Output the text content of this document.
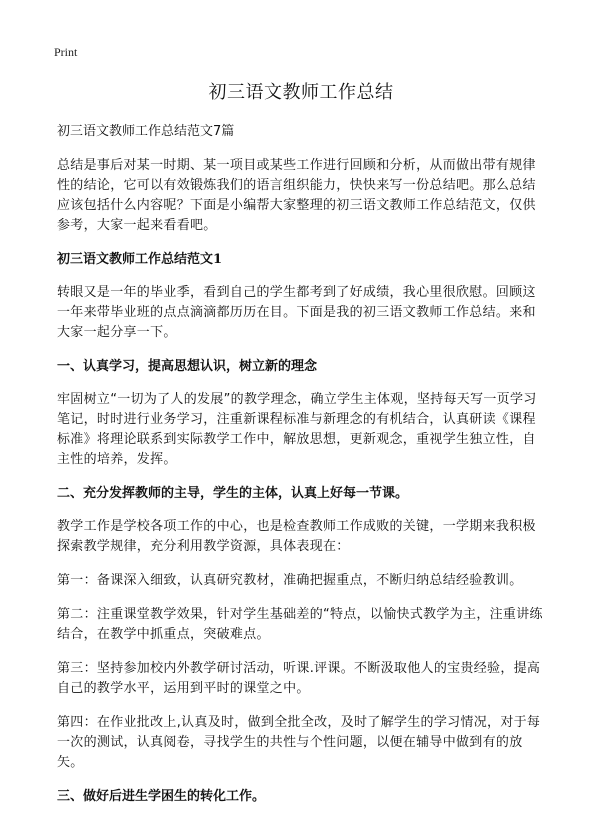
Print
初三语文教师工作总结

初三语文教师工作总结范文7篇

总结是事后对某一时期、某一项目或某些工作进行回顾和分析，从而做出带有规律性的结论，它可以有效锻炼我们的语言组织能力，快快来写一份总结吧。那么总结应该包括什么内容呢？下面是小编帮大家整理的初三语文教师工作总结范文，仅供参考，大家一起来看看吧。

初三语文教师工作总结范文1

转眼又是一年的毕业季，看到自己的学生都考到了好成绩，我心里很欣慰。回顾这一年来带毕业班的点点滴滴都历历在目。下面是我的初三语文教师工作总结。来和大家一起分享一下。

一、认真学习，提高思想认识，树立新的理念

牢固树立“一切为了人的发展”的教学理念，确立学生主体观，坚持每天写一页学习笔记，时时进行业务学习，注重新课程标准与新理念的有机结合，认真研读《课程标准》将理论联系到实际教学工作中，解放思想，更新观念，重视学生独立性，自主性的培养，发挥。

二、充分发挥教师的主导，学生的主体，认真上好每一节课。

教学工作是学校各项工作的中心，也是检查教师工作成败的关键，一学期来我积极探索教学规律，充分利用教学资源，具体表现在：

第一：备课深入细致，认真研究教材，准确把握重点，不断归纳总结经验教训。

第二：注重课堂教学效果，针对学生基础差的“特点，以愉快式教学为主，注重讲练结合，在教学中抓重点，突破难点。

第三：坚持参加校内外教学研讨活动，听课.评课。不断汲取他人的宝贵经验，提高自己的教学水平，运用到平时的课堂之中。

第四：在作业批改上,认真及时，做到全批全改，及时了解学生的学习情况，对于每一次的测试，认真阅卷，寻找学生的共性与个性问题，以便在辅导中做到有的放矢。

三、做好后进生学困生的转化工作。
